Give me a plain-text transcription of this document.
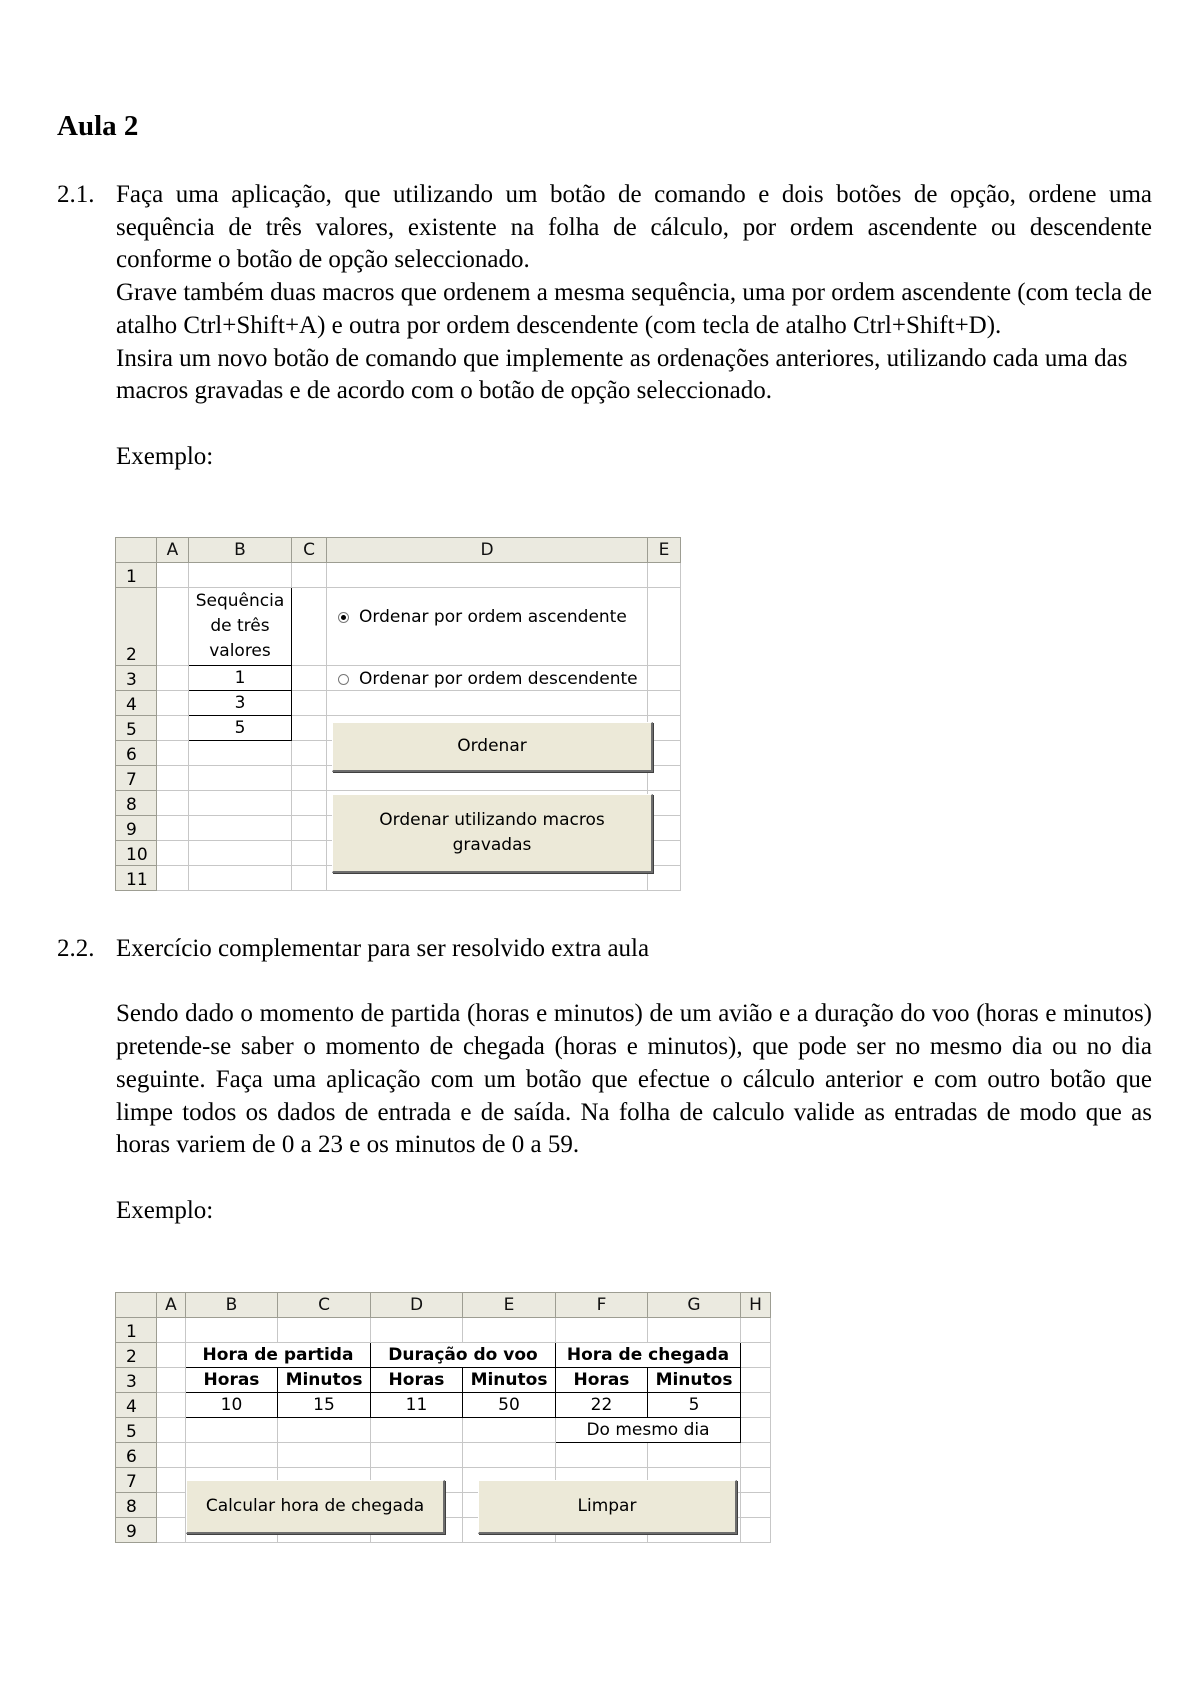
Aula 2
2.1. Faça uma aplicação, que utilizando um botão de comando e dois botões de opção, ordene uma sequência de três valores, existente na folha de cálculo, por ordem ascendente ou descendente conforme o botão de opção seleccionado.

Grave também duas macros que ordenem a mesma sequência, uma por ordem ascendente (com tecla de atalho Ctrl+Shift+A) e outra por ordem descendente (com tecla de atalho Ctrl+Shift+D).

Insira um novo botão de comando que implemente as ordenações anteriores, utilizando cada uma das macros gravadas e de acordo com o botão de opção seleccionado.

Exemplo:

	A	B	C	D	E
1					
2		Sequência de três valores			
3		1			
4		3			
5		5			
6					
7					
8					
9					
10					
11					
Ordenar por ordem ascendente
Ordenar por ordem descendente
Ordenar
Ordenar utilizando macros gravadas
2.2. Exercício complementar para ser resolvido extra aula

Sendo dado o momento de partida (horas e minutos) de um avião e a duração do voo (horas e minutos) pretende-se saber o momento de chegada (horas e minutos), que pode ser no mesmo dia ou no dia seguinte. Faça uma aplicação com um botão que efectue o cálculo anterior e com outro botão que limpe todos os dados de entrada e de saída. Na folha de calculo valide as entradas de modo que as horas variem de 0 a 23 e os minutos de 0 a 59.

Exemplo:

	A	B	C	D	E	F	G	H
1								
2		Hora de partida		Duração do voo		Hora de chegada		
3		Horas	Minutos	Horas	Minutos	Horas	Minutos	
4		10	15	11	50	22	5	
5						Do mesmo dia		
6								
7								
8								
9								
Calcular hora de chegada	Limpar
